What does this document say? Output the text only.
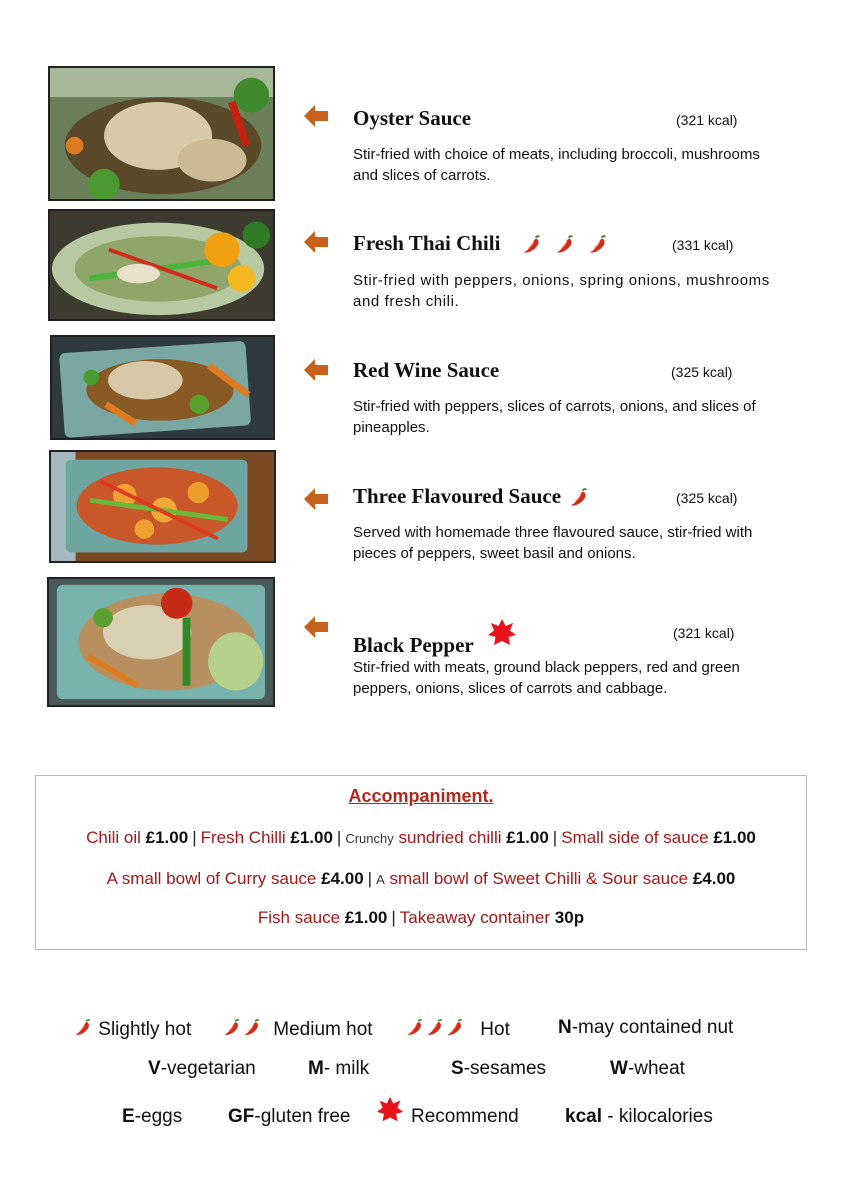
Oyster Sauce	(321 kcal)
Stir-fried with choice of meats, including broccoli, mushrooms and slices of carrots.
Fresh Thai Chili	(331 kcal)
Stir-fried with peppers, onions, spring onions, mushrooms and fresh chili.
Red Wine Sauce	(325 kcal)
Stir-fried with peppers, slices of carrots, onions, and slices of pineapples.
Three Flavoured Sauce	(325 kcal)
Served with homemade three flavoured sauce, stir-fried with pieces of peppers, sweet basil and onions.
Black Pepper	(321 kcal)
Stir-fried with meats, ground black peppers, red and green peppers, onions, slices of carrots and cabbage.
Accompaniment.
Chili oil £1.00 | Fresh Chilli £1.00 | Crunchy sundried chilli £1.00 | Small side of sauce £1.00
A small bowl of Curry sauce £4.00 | A small bowl of Sweet Chilli & Sour sauce £4.00
Fish sauce £1.00 | Takeaway container 30p
Slightly hot	Medium hot	Hot	N-may contained nut
V-vegetarian	M- milk	S-sesames	W-wheat
E-eggs GF-gluten free	Recommend kcal - kilocalories
